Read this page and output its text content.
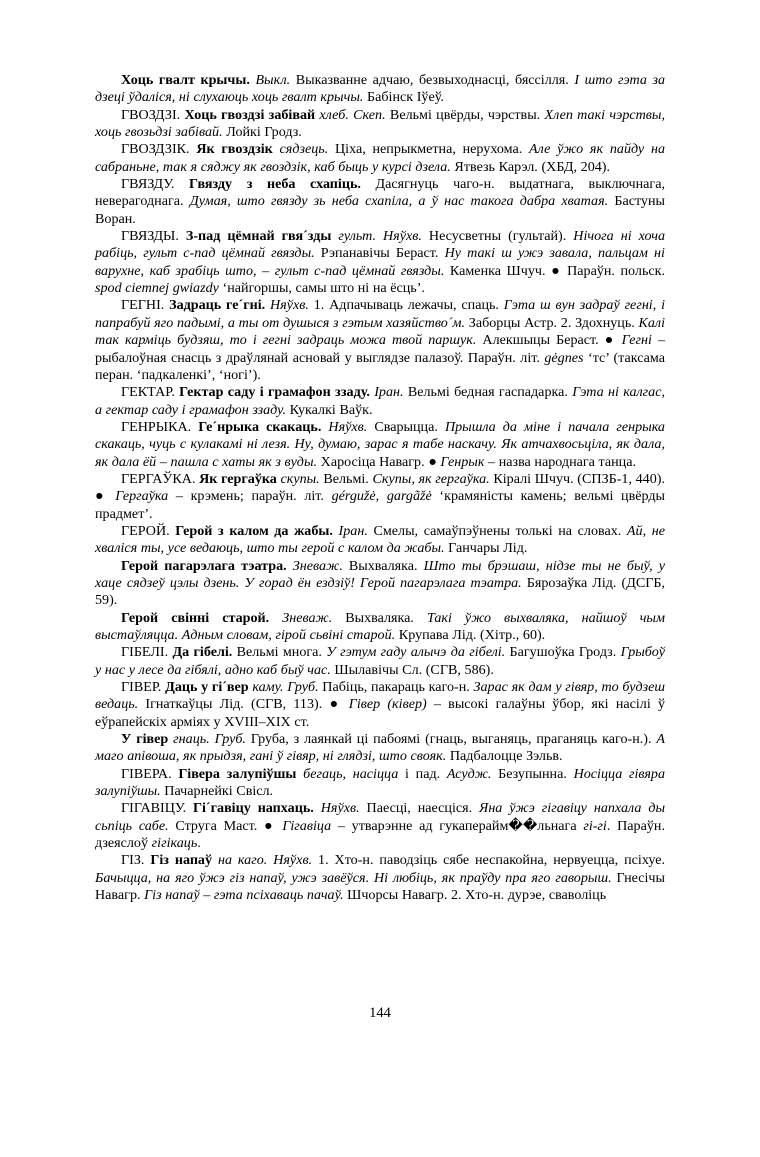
Хоць гвалт крычы. Выкл. Выказванне адчаю, безвыходнасці, бяссілля. І што гэта за дзеці ўдаліся, ні слухаюць хоць гвалт крычы. Бабінск Іўеў.

ГВОЗДЗІ. Хоць гвоздзі забівай хлеб. Скеп. Вельмі цвёрды, чэрствы. Хлеп такі чэрствы, хоць гвозьдзі забівай. Лойкі Гродз.

ГВОЗДЗІК. Як гвоздзік сядзець. Ціха, непрыкметна, нерухома. Але ўжо як пайду на сабраньне, так я сяджу як гвоздзік, каб быць у курсі дзела. Ятвезь Карэл. (ХБД, 204).

ГВЯЗДУ. Гвязду з неба схапіць. Дасягнуць чаго-н. выдатнага, выключнага, неверагоднага. Думая, што гвязду зь неба схапіла, а ў нас такога дабра хватая. Бастуны Воран.

ГВЯЗДЫ. З-пад цёмнай гвя´зды гульт. Няўхв. Несусветны (гультай). Нічога ні хоча рабіць, гульт с-пад цёмнай гвязды. Рэпанавічы Бераст. Ну такі ш ужэ завала, пальцам ні варухне, каб зрабіць што, – гульт с-пад цёмнай гвязды. Каменка Шчуч. ● Параўн. польск. spod ciemnej gwiazdy ‘найгоршы, самы што ні на ёсць’.

ГЕГНІ. Задраць ге´гні. Няўхв. 1. Адпачываць лежачы, спаць. Гэта ш вун задраў гегні, і папрабуй яго падымі, а ты от душыся з гэтым хазяйство´м. Заборцы Астр. 2. Здохнуць. Калі так карміць будзяш, то і гегні задраць можа твой паршук. Алекшыцы Бераст. ● Гегні – рыбалоўная снасць з драўлянай асновай у выглядзе палазоў. Параўн. літ. gėgnes ‘тс’ (таксама перан. ‘падкаленкі’, ‘ногі’).

ГЕКТАР. Гектар саду і грамафон ззаду. Іран. Вельмі бедная гаспадарка. Гэта ні калгас, а гектар саду і грамафон ззаду. Кукалкі Ваўк.

ГЕНРЫКА. Ге´нрыка скакаць. Няўхв. Сварыцца. Прышла да міне і пачала генрыка скакаць, чуць с кулакамі ні лезя. Ну, думаю, зарас я табе наскачу. Як атчахвосьціла, як дала, як дала ёй – пашла с хаты як з вуды. Харосіца Навагр. ● Генрык – назва народнага танца.

ГЕРГАЎКА. Як гергаўка скупы. Вельмі. Скупы, як гергаўка. Кіралі Шчуч. (СПЗБ-1, 440). ● Гергаўка – крэмень; параўн. літ. gérgužė, gargãžė ‘крамяністы камень; вельмі цвёрды прадмет’.

ГЕРОЙ. Герой з калом да жабы. Іран. Смелы, самаўпэўнены толькі на словах. Ай, не хваліся ты, усе ведаюць, што ты герой с калом да жабы. Ганчары Лід.

Герой пагарэлага тэатра. Зневаж. Выхваляка. Што ты брэшаш, нідзе ты не быў, у хаце сядзеў цэлы дзень. У горад ён ездзіў! Герой пагарэлага тэатра. Бярозаўка Лід. (ДСГБ, 59).

Герой свінні старой. Зневаж. Выхваляка. Такі ўжо выхваляка, найшоў чым выстаўляцца. Адным словам, гірой сьвіні старой. Крупава Лід. (Хітр., 60).

ГІБЕЛІ. Да гібелі. Вельмі многа. У гэтум гаду алычэ да гібелі. Багушоўка Гродз. Грыбоў у нас у лесе да гібялі, адно каб быў час. Шылавічы Сл. (СГВ, 586).

ГІВЕР. Даць у гі´вер каму. Груб. Пабіць, пакараць каго-н. Зарас як дам у гівяр, то будзеш ведаць. Ігнаткаўцы Лід. (СГВ, 113). ● Гівер (ківер) – высокі галаўны ўбор, які насілі ў еўрапейскіх арміях у XVIII–XIX ст.

У гівер гнаць. Груб. Груба, з лаянкай ці пабоямі (гнаць, выганяць, праганяць каго-н.). А маго апівоша, як прыдзя, гані ў гівяр, ні глядзі, што свояк. Падбалоцце Зэльв.

ГІВЕРА. Гівера залупіўшы бегаць, насіцца і пад. Асудж. Безупынна. Носіцца гівяра залупіўшы. Пачарнейкі Свісл.

ГІГАВІЦУ. Гі´гавіцу напхаць. Няўхв. Паесці, наесціся. Яна ўжэ гігавіцу напхала ды сьпіць сабе. Струга Маст. ● Гігавіца – утварэнне ад гукаперайм��льнага гі-гі. Параўн. дзеяслоў гігікаць.

ГІЗ. Гіз напаў на каго. Няўхв. 1. Хто-н. паводзіць сябе неспакойна, нервуецца, псіхуе. Бачыцца, на яго ўжэ гіз напаў, ужэ завёўся. Ні любіць, як праўду пра яго гаворыш. Гнесічы Навагр. Гіз напаў – гэта псіхаваць пачаў. Шчорсы Навагр. 2. Хто-н. дурэе, сваволіць

144
